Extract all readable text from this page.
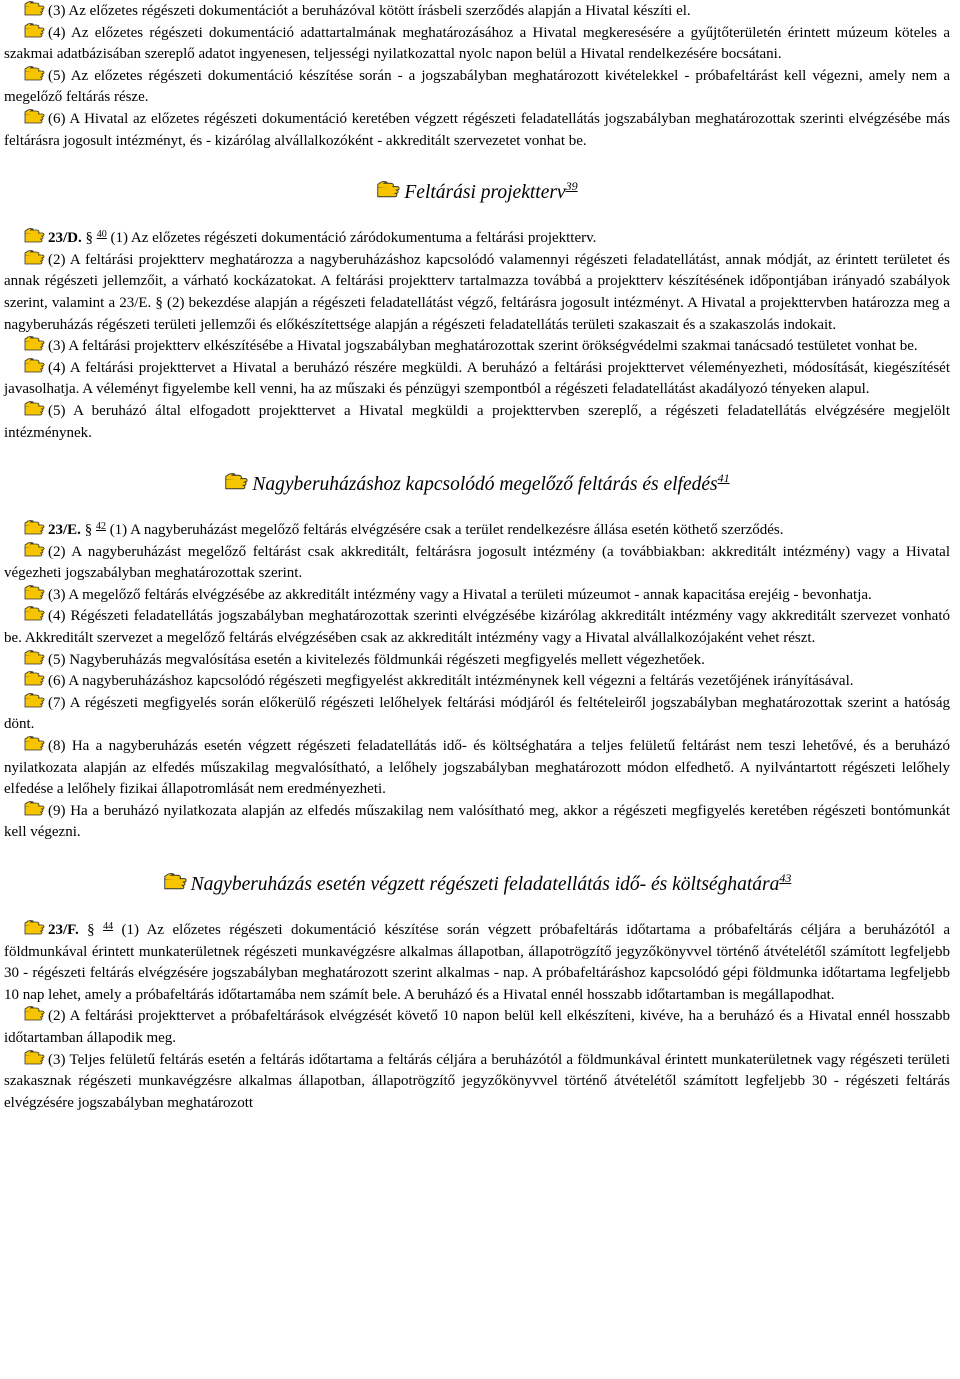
(3) Az előzetes régészeti dokumentációt a beruházóval kötött írásbeli szerződés alapján a Hivatal készíti el.

(4) Az előzetes régészeti dokumentáció adattartalmának meghatározásához a Hivatal megkeresésére a gyűjtőterületén érintett múzeum köteles a szakmai adatbázisában szereplő adatot ingyenesen, teljességi nyilatkozattal nyolc napon belül a Hivatal rendelkezésére bocsátani.

(5) Az előzetes régészeti dokumentáció készítése során - a jogszabályban meghatározott kivételekkel - próbafeltárást kell végezni, amely nem a megelőző feltárás része.

(6) A Hivatal az előzetes régészeti dokumentáció keretében végzett régészeti feladatellátás jogszabályban meghatározottak szerinti elvégzésébe más feltárásra jogosult intézményt, és - kizárólag alvállalkozóként - akkreditált szervezetet vonhat be.

Feltárási projektterv$^{39}$

23/D. § $^{40}$ (1) Az előzetes régészeti dokumentáció záródokumentuma a feltárási projektterv.

(2) A feltárási projektterv meghatározza a nagyberuházáshoz kapcsolódó valamennyi régészeti feladatellátást, annak módját, az érintett területet és annak régészeti jellemzőit, a várható kockázatokat. A feltárási projektterv tartalmazza továbbá a projektterv készítésének időpontjában irányadó szabályok szerint, valamint a 23/E. § (2) bekezdése alapján a régészeti feladatellátást végző, feltárásra jogosult intézményt. A Hivatal a projekttervben határozza meg a nagyberuházás régészeti területi jellemzői és előkészítettsége alapján a régészeti feladatellátás területi szakaszait és a szakaszolás indokait.

(3) A feltárási projektterv elkészítésébe a Hivatal jogszabályban meghatározottak szerint örökségvédelmi szakmai tanácsadó testületet vonhat be.

(4) A feltárási projekttervet a Hivatal a beruházó részére megküldi. A beruházó a feltárási projekttervet véleményezheti, módosítását, kiegészítését javasolhatja. A véleményt figyelembe kell venni, ha az műszaki és pénzügyi szempontból a régészeti feladatellátást akadályozó tényeken alapul.

(5) A beruházó által elfogadott projekttervet a Hivatal megküldi a projekttervben szereplő, a régészeti feladatellátás elvégzésére megjelölt intézménynek.

Nagyberuházáshoz kapcsolódó megelőző feltárás és elfedés$^{41}$

23/E. § $^{42}$ (1) A nagyberuházást megelőző feltárás elvégzésére csak a terület rendelkezésre állása esetén köthető szerződés.

(2) A nagyberuházást megelőző feltárást csak akkreditált, feltárásra jogosult intézmény (a továbbiakban: akkreditált intézmény) vagy a Hivatal végezheti jogszabályban meghatározottak szerint.

(3) A megelőző feltárás elvégzésébe az akkreditált intézmény vagy a Hivatal a területi múzeumot - annak kapacitása erejéig - bevonhatja.

(4) Régészeti feladatellátás jogszabályban meghatározottak szerinti elvégzésébe kizárólag akkreditált intézmény vagy akkreditált szervezet vonható be. Akkreditált szervezet a megelőző feltárás elvégzésében csak az akkreditált intézmény vagy a Hivatal alvállalkozójaként vehet részt.

(5) Nagyberuházás megvalósítása esetén a kivitelezés földmunkái régészeti megfigyelés mellett végezhetőek.

(6) A nagyberuházáshoz kapcsolódó régészeti megfigyelést akkreditált intézménynek kell végezni a feltárás vezetőjének irányításával.

(7) A régészeti megfigyelés során előkerülő régészeti lelőhelyek feltárási módjáról és feltételeiről jogszabályban meghatározottak szerint a hatóság dönt.

(8) Ha a nagyberuházás esetén végzett régészeti feladatellátás idő- és költséghatára a teljes felületű feltárást nem teszi lehetővé, és a beruházó nyilatkozata alapján az elfedés műszakilag megvalósítható, a lelőhely jogszabályban meghatározott módon elfedhető. A nyilvántartott régészeti lelőhely elfedése a lelőhely fizikai állapotromlását nem eredményezheti.

(9) Ha a beruházó nyilatkozata alapján az elfedés műszakilag nem valósítható meg, akkor a régészeti megfigyelés keretében régészeti bontómunkát kell végezni.

Nagyberuházás esetén végzett régészeti feladatellátás idő- és költséghatára$^{43}$

23/F. § $^{44}$ (1) Az előzetes régészeti dokumentáció készítése során végzett próbafeltárás időtartama a próbafeltárás céljára a beruházótól a földmunkával érintett munkaterületnek régészeti munkavégzésre alkalmas állapotban, állapotrögzítő jegyzőkönyvvel történő átvételétől számított legfeljebb 30 - régészeti feltárás elvégzésére jogszabályban meghatározott szerint alkalmas - nap. A próbafeltáráshoz kapcsolódó gépi földmunka időtartama legfeljebb 10 nap lehet, amely a próbafeltárás időtartamába nem számít bele. A beruházó és a Hivatal ennél hosszabb időtartamban is megállapodhat.

(2) A feltárási projekttervet a próbafeltárások elvégzését követő 10 napon belül kell elkészíteni, kivéve, ha a beruházó és a Hivatal ennél hosszabb időtartamban állapodik meg.

(3) Teljes felületű feltárás esetén a feltárás időtartama a feltárás céljára a beruházótól a földmunkával érintett munkaterületnek vagy régészeti területi szakasznak régészeti munkavégzésre alkalmas állapotban, állapotrögzítő jegyzőkönyvvel történő átvételétől számított legfeljebb 30 - régészeti feltárás elvégzésére jogszabályban meghatározott
